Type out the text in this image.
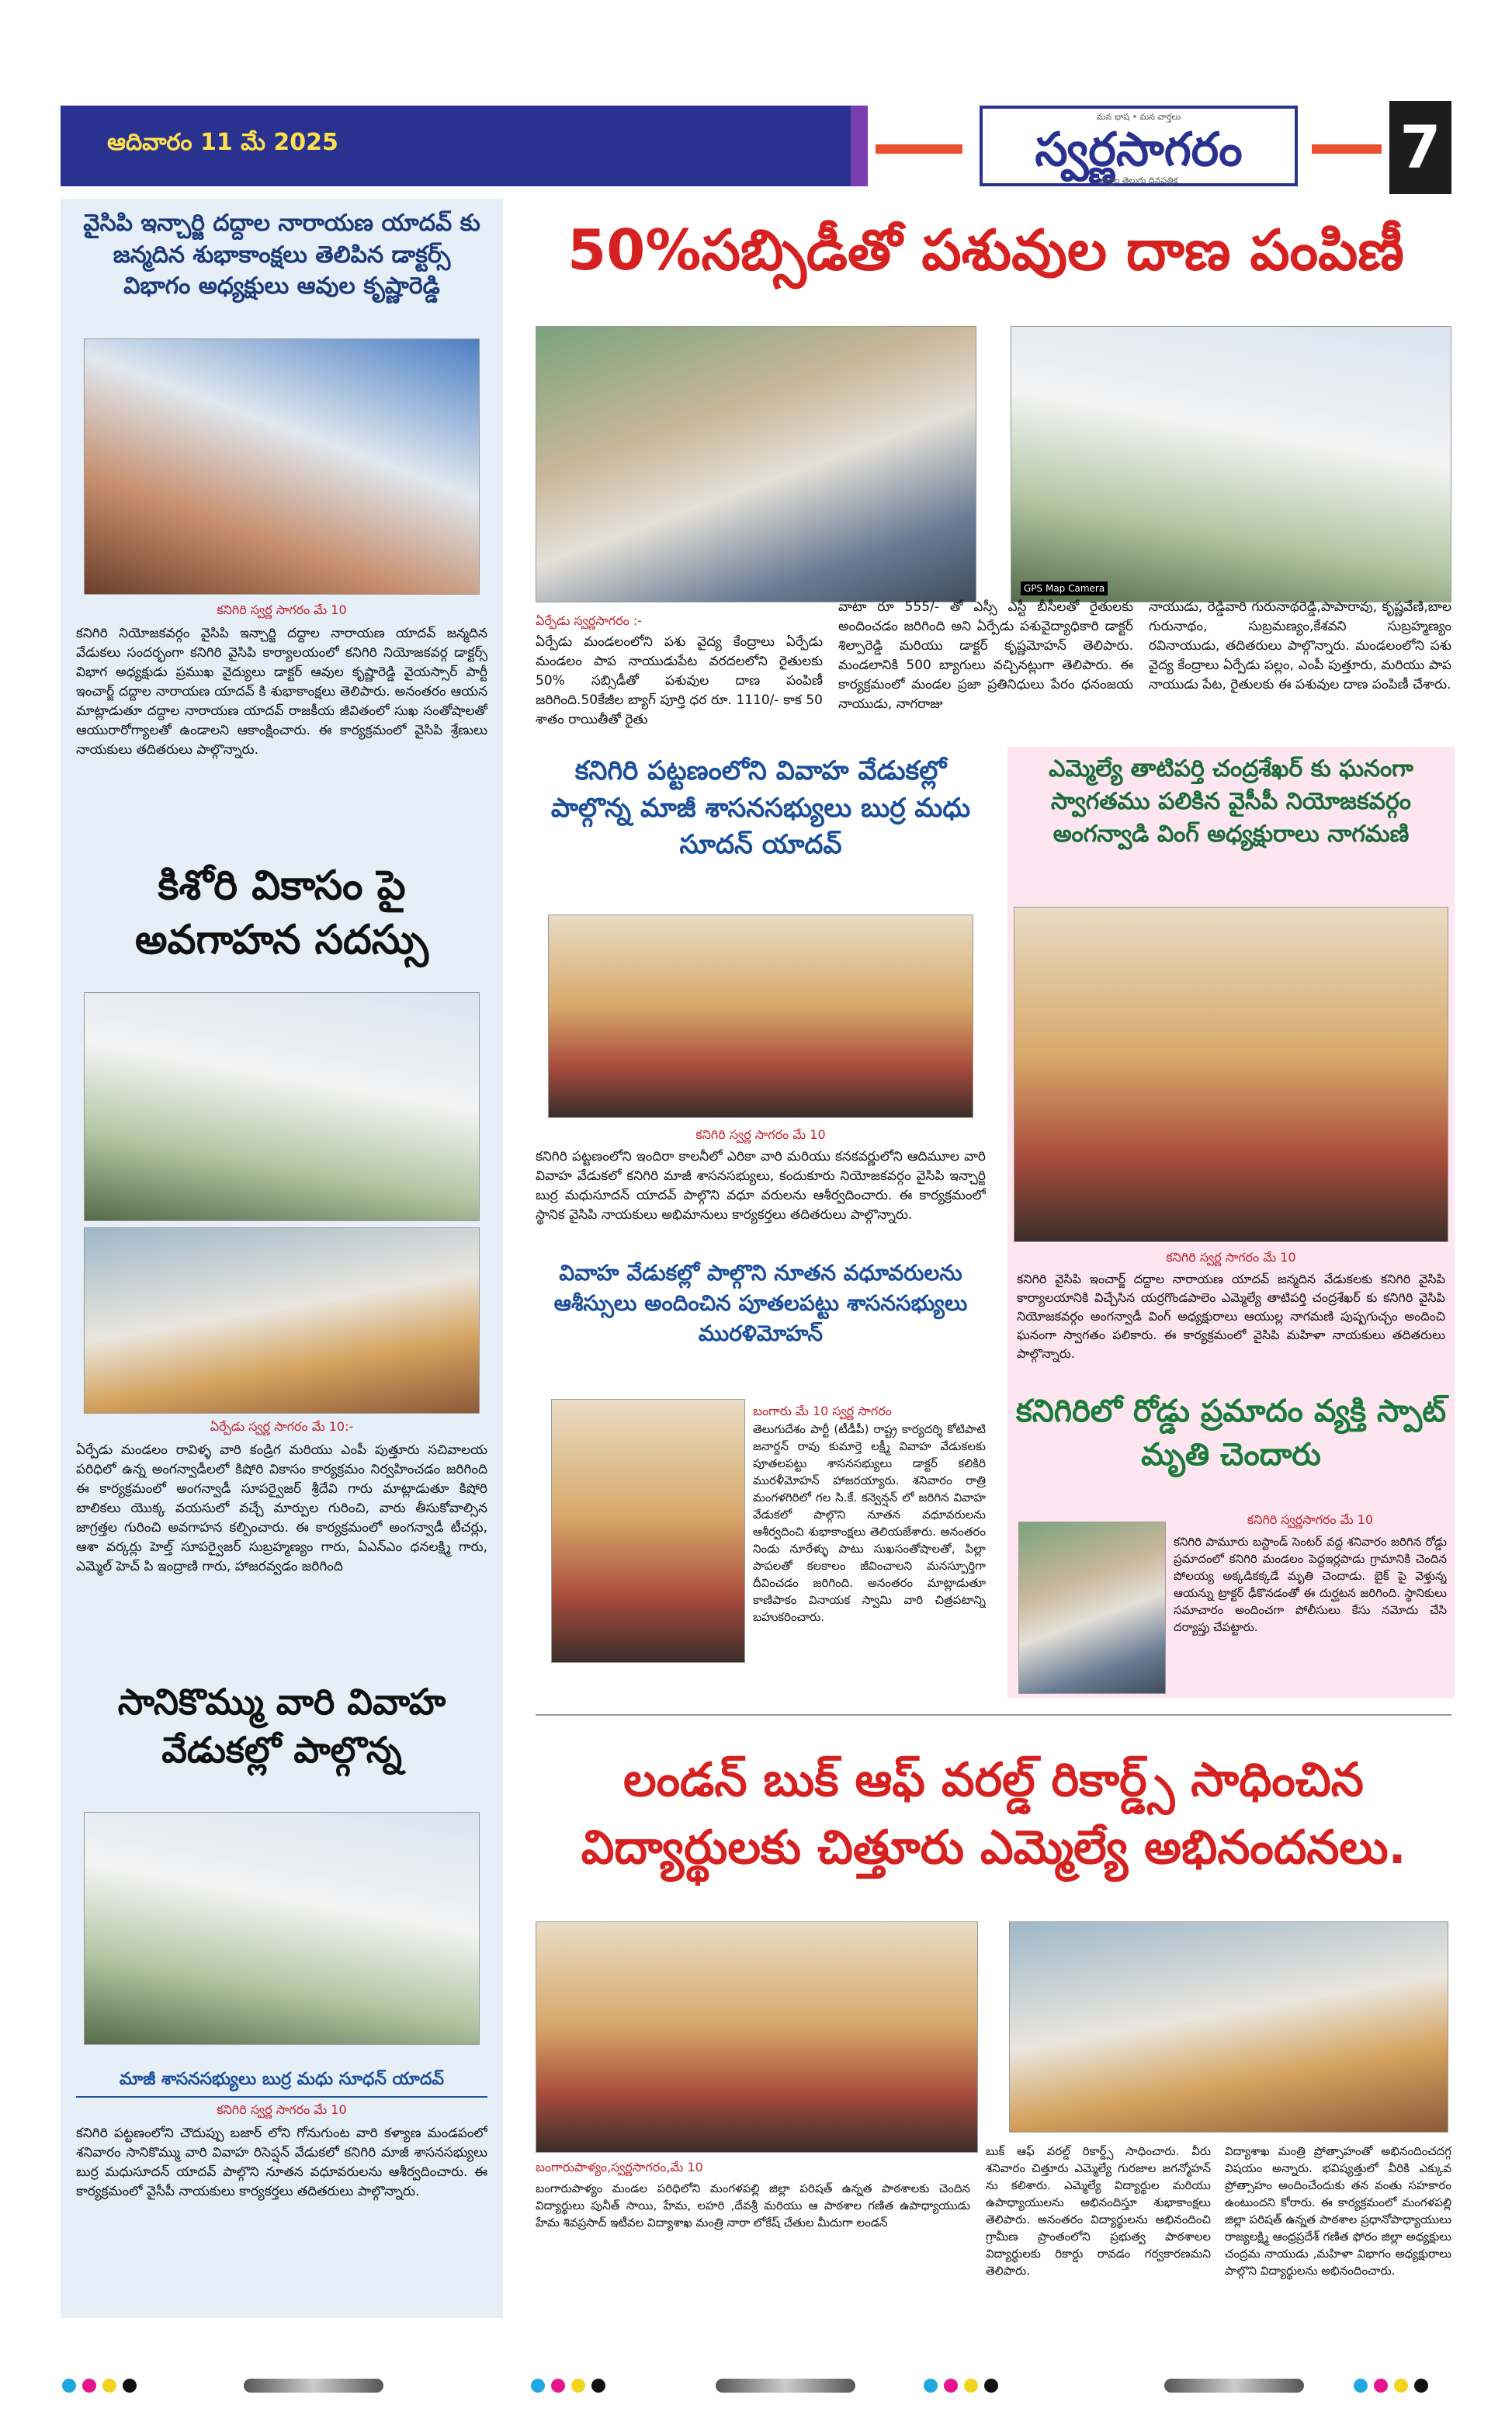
ఆదివారం 11 మే 2025
మన భాష • మన వార్తలు
స్వర్ణసాగరం
వార్తల తెలుగు దినపత్రిక	7
వైసిపి ఇన్చార్జి దద్దాల నారాయణ యాదవ్ కు జన్మదిన శుభాకాంక్షలు తెలిపిన డాక్టర్స్ విభాగం అధ్యక్షులు ఆవుల కృష్ణారెడ్డి
కనిగిరి స్వర్ణ సాగరం మే 10
కనిగిరి నియోజకవర్గం వైసిపి ఇన్చార్జి దద్దాల నారాయణ యాదవ్ జన్మదిన వేడుకలు సందర్భంగా కనిగిరి వైసిపి కార్యాలయంలో కనిగిరి నియోజకవర్గ డాక్టర్స్ విభాగ అధ్యక్షుడు ప్రముఖ వైద్యులు డాక్టర్ ఆవుల కృష్ణారెడ్డి వైయస్సార్ పార్టీ ఇంచార్జ్ దద్దాల నారాయణ యాదవ్ కి శుభాకాంక్షలు తెలిపారు. అనంతరం ఆయన మాట్లాడుతూ దద్దాల నారాయణ యాదవ్ రాజకీయ జీవితంలో సుఖ సంతోషాలతో ఆయురారోగ్యాలతో ఉండాలని ఆకాంక్షించారు. ఈ కార్యక్రమంలో వైసిపి శ్రేణులు నాయకులు తదితరులు పాల్గొన్నారు.
కిశోరి వికాసం పై అవగాహన సదస్సు
ఏర్పేడు స్వర్ణ సాగరం మే 10:-
ఏర్పేడు మండలం రావిళ్ళ వారి కండ్రిగ మరియు ఎంపీ పుత్తూరు సచివాలయ పరిధిలో ఉన్న అంగన్వాడీలలో కిషోరి వికాసం కార్యక్రమం నిర్వహించడం జరిగింది ఈ కార్యక్రమంలో అంగన్వాడీ సూపర్వైజర్ శ్రీదేవి గారు మాట్లాడుతూ కిషోరి బాలికలు యొక్క వయసులో వచ్చే మార్పుల గురించి, వారు తీసుకోవాల్సిన జాగ్రత్తల గురించి అవగాహన కల్పించారు. ఈ కార్యక్రమంలో అంగన్వాడీ టీచర్లు, ఆశా వర్కర్లు హెల్త్ సూపర్వైజర్ సుబ్రహ్మణ్యం గారు, ఏఎన్ఎం ధనలక్ష్మి గారు, ఎమ్మెల్ హెచ్ పి ఇంద్రాణి గారు, హాజరవ్వడం జరిగింది
సానికొమ్ము వారి వివాహ వేడుకల్లో పాల్గొన్న
మాజీ శాసనసభ్యులు బుర్ర మధు సూధన్ యాదవ్
కనిగిరి స్వర్ణ సాగరం మే 10
కనిగిరి పట్టణంలోని చౌదుప్పు బజార్ లోని గోనుగుంట వారి కళ్యాణ మండపంలో శనివారం సానికొమ్ము వారి వివాహ రిసెప్షన్ వేడుకలో కనిగిరి మాజీ శాసనసభ్యులు బుర్ర మధుసూదన్ యాదవ్ పాల్గొని నూతన వధూవరులను ఆశీర్వదించారు. ఈ కార్యక్రమంలో వైసీపీ నాయకులు కార్యకర్తలు తదితరులు పాల్గొన్నారు.
50%సబ్సిడీతో పశువుల దాణ పంపిణీ
GPS Map Camera
ఏర్పేడు స్వర్ణసాగరం :-
ఏర్పేడు మండలంలోని పశు వైద్య కేంద్రాలు ఏర్పేడు మండలం పాప నాయుడుపేట వరదలలోని రైతులకు 50% సబ్సిడీతో పశువుల దాణ పంపిణీ జరిగింది.50కేజీల బ్యాగ్ పూర్తి ధర రూ. 1110/- కాక 50 శాతం రాయితీతో రైతు
వాటా రూ 555/- తో ఎస్సీ ఎస్టీ బీసీలతో రైతులకు అందించడం జరిగింది అని ఏర్పేడు పశువైద్యాధికారి డాక్టర్ శిల్పారెడ్డి మరియు డాక్టర్ కృష్ణమోహన్ తెలిపారు. మండలానికి 500 బ్యాగులు వచ్చినట్లుగా తెలిపారు. ఈ కార్యక్రమంలో మండల ప్రజా ప్రతినిధులు పేరం ధనంజయ నాయుడు, నాగరాజు
నాయుడు, రెడ్డివారి గురునాథరెడ్డి,పాపారావు, కృష్ణవేణి,బాల గురునాథం, సుబ్రమణ్యం,కేశవని సుబ్రహ్మణ్యం రవినాయుడు, తదితరులు పాల్గొన్నారు. మండలంలోని పశు వైద్య కేంద్రాలు ఏర్పేడు పల్లం, ఎంపీ పుత్తూరు, మరియు పాప నాయుడు పేట, రైతులకు ఈ పశువుల దాణ పంపిణీ చేశారు.
కనిగిరి పట్టణంలోని వివాహ వేడుకల్లో పాల్గొన్న మాజీ శాసనసభ్యులు బుర్ర మధు సూదన్ యాదవ్
కనిగిరి స్వర్ణ సాగరం మే 10
కనిగిరి పట్టణంలోని ఇందిరా కాలనీలో ఎరికా వారి మరియు కనకవర్ణులోని ఆదిమూల వారి వివాహ వేడుకలో కనిగిరి మాజీ శాసనసభ్యులు, కందుకూరు నియోజకవర్గం వైసిపి ఇన్చార్జి బుర్ర మధుసూదన్ యాదవ్ పాల్గొని వధూ వరులను ఆశీర్వదించారు. ఈ కార్యక్రమంలో స్థానిక వైసిపి నాయకులు అభిమానులు కార్యకర్తలు తదితరులు పాల్గొన్నారు.
వివాహ వేడుకల్లో పాల్గొని నూతన వధూవరులను ఆశీస్సులు అందించిన పూతలపట్టు శాసనసభ్యులు మురళిమోహన్
బంగారు మే 10 స్వర్ణ సాగరం
తెలుగుదేశం పార్టీ (టీడీపీ) రాష్ట్ర కార్యదర్శి కోటిపాటి జనార్దన్ రావు కుమార్తె లక్ష్మీ వివాహ వేడుకలకు పూతలపట్టు శాసనసభ్యులు డాక్టర్ కలికిరి మురళీమోహన్ హాజరయ్యారు. శనివారం రాత్రి మంగళగిరిలో గల సి.కే. కన్వెన్షన్ లో జరిగిన వివాహ వేడుకలో పాల్గొని నూతన వధూవరులను ఆశీర్వదించి శుభాకాంక్షలు తెలియజేశారు. అనంతరం నిండు నూరేళ్ళు పాటు సుఖసంతోషాలతో, పిల్లా పాపలతో కలకాలం జీవించాలని మనస్పూర్తిగా దీవించడం జరిగింది. అనంతరం మాట్లాడుతూ కాణిపాకం వినాయక స్వామి వారి చిత్రపటాన్ని బహుకరించారు.
ఎమ్మెల్యే తాటిపర్తి చంద్రశేఖర్ కు ఘనంగా స్వాగతము పలికిన వైసీపీ నియోజకవర్గం అంగన్వాడి వింగ్ అధ్యక్షురాలు నాగమణి
కనిగిరి స్వర్ణ సాగరం మే 10
కనిగిరి వైసిపి ఇంచార్జ్ దద్దాల నారాయణ యాదవ్ జన్మదిన వేడుకలకు కనిగిరి వైసిపి కార్యాలయానికి విచ్చేసిన యర్రగొండపాలెం ఎమ్మెల్యే తాటిపర్తి చంద్రశేఖర్ కు కనిగిరి వైసిపి నియోజకవర్గం అంగన్వాడీ వింగ్ అధ్యక్షురాలు ఆయుల్ల నాగమణి పుష్పగుచ్చం అందించి ఘనంగా స్వాగతం పలికారు. ఈ కార్యక్రమంలో వైసిపి మహిళా నాయకులు తదితరులు పాల్గొన్నారు.
కనిగిరిలో రోడ్డు ప్రమాదం వ్యక్తి స్పాట్ మృతి చెందారు
కనిగిరి స్వర్ణసాగరం మే 10
కనిగిరి పామూరు బస్టాండ్ సెంటర్ వద్ద శనివారం జరిగిన రోడ్డు ప్రమాదంలో కనిగిరి మండలం పెద్దఇర్లపాడు గ్రామానికి చెందిన పోలయ్య అక్కడికక్కడే మృతి చెందాడు. బైక్ పై వెళ్తున్న ఆయన్ను ట్రాక్టర్ ఢీకొనడంతో ఈ దుర్ఘటన జరిగింది. స్థానికులు సమాచారం అందించగా పోలీసులు కేసు నమోదు చేసి దర్యాప్తు చేపట్టారు.
లండన్ బుక్ ఆఫ్ వరల్డ్ రికార్డ్స్ సాధించిన విద్యార్థులకు చిత్తూరు ఎమ్మెల్యే అభినందనలు.
బంగారుపాళ్యం,స్వర్ణసాగరం,మే 10
బంగారుపాళ్యం మండల పరిధిలోని మంగళపల్లి జిల్లా పరిషత్ ఉన్నత పాఠశాలకు చెందిన విద్యార్థులు పునీత్ సాయి, హేమ, లహరి ,దేవశ్రీ మరియు ఆ పాఠశాల గణిత ఉపాధ్యాయుడు హేమ శివప్రసాద్ ఇటీవల విద్యాశాఖ మంత్రి నారా లోకేష్ చేతుల మీదుగా లండన్
బుక్ ఆఫ్ వరల్డ్ రికార్డ్స్ సాధించారు. వీరు శనివారం చిత్తూరు ఎమ్మెల్యే గురజాల జగన్మోహన్ ను కలిశారు. ఎమ్మెల్యే విద్యార్థుల మరియు ఉపాధ్యాయులను అభినందిస్తూ శుభాకాంక్షలు తెలిపారు. అనంతరం విద్యార్థులను అభినందించి గ్రామీణ ప్రాంతంలోని ప్రభుత్వ పాఠశాలల విద్యార్థులకు రికార్డు రావడం గర్వకారణమని తెలిపారు.
విద్యాశాఖ మంత్రి ప్రోత్సాహంతో అభినందించదగ్గ విషయం అన్నారు. భవిష్యత్తులో వీరికి ఎక్కువ ప్రోత్సాహం అందించేందుకు తన వంతు సహకారం ఉంటుందని కోరారు. ఈ కార్యక్రమంలో మంగళపల్లి జిల్లా పరిషత్ ఉన్నత పాఠశాల ప్రధానోపాధ్యాయులు రాజ్యలక్ష్మి ఆంధ్రప్రదేశ్ గణిత ఫోరం జిల్లా అధ్యక్షులు చంద్రమ నాయుడు ,మహిళా విభాగం అధ్యక్షురాలు పాల్గొని విద్యార్థులను అభినందించారు.
